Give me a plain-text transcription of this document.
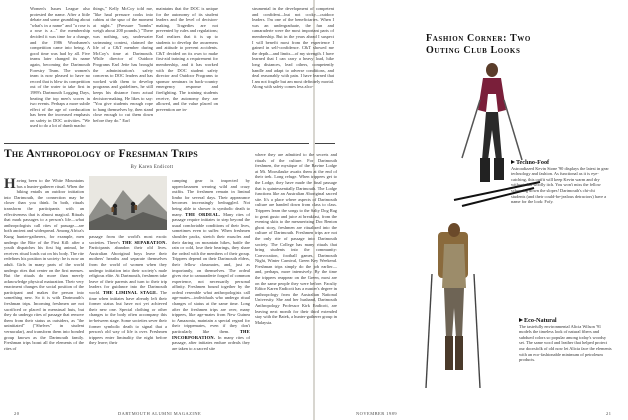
Women's Issues League also protested the name. After a little debate and some grumbling about "what's in a name" and "a rose is a rose is a..." the membership decided it was time for a change, and the 1986 Woodsmen's competition came into being. A good time was had by all. Five teams later changed its name again, becoming the Dartmouth Forestry Team. The women's team is now pleased to have no record that is blew its competition out of the water to take first in 1989's Dartmouth Logging Days, beating the top men's scores in two events. Perhaps a more subtle effect of the age of coeducation has been the increased emphasis on safety in DOC activities. "We used to do a lot of dumb macho
things," Kelly McCoy told me, "like haul pressure cooks into cabins at the spur of the moment at night." (Pressure "bombs" weigh about 200 pounds.) "There was nothing, say, underwater swimming contest, claimed the life of a C&T member during McCoy's time at Dartmouth. While director of Outdoor Programs Earl Jette has brought the administration's safety concerns to DOC leaders and has worked with them to develop programs and guidelines, he still keeps his distance from actual decision-making. He likes to say: "You give students enough rope to hang themselves by, then stand close enough to cut them down before they do." Earl
maintains that the DOC is unique for the autonomy of its student leaders and the level of decision-making. Tragedies are not prevented by rules and regulations; Earl realizes that it is up to students to develop the awareness and attitude to prevent accidents. C&T decided on its own to make first-aid training a requirement for membership, and it has worked with the DOC student safety director and Outdoor Programs to sponsor seminars in back-country emergency response and firefighting. The training students receive, the autonomy they are allowed, and the value placed on prevention are in-
The Anthropology of Freshman Trips
By Karen Endicott
Having been to the White Mountains has a hunter-gatherer ritual. When the hiking entails an outdoor initiation into Dartmouth, the connection may be closer than you think. In both, rituals transform the participants with an effectiveness that is almost magical. Rituals that mark passages to a person's life—what anthropologists call rites of passage—are both ancient and widespread. Among Africa's Kung hunter-gatherers, for example, men undergo the Rite of the First Kill: after a youth dispatches his first big animal, he receives ritual loads cut on his body. The rite redefines his position in society: he is now an adult. Girls in many parts of the world undergo rites that center on the first menses. But the rituals do more than merely acknowledge physical maturation. Their very enactment changes the social position of the participant and makes the person into something new. So it is with Dartmouth's freshman trips. Incoming freshmen are not sacrificed or placed in menstrual huts, but they do undergo rites of passage that remove them from their status as outsiders, as "the uninitiated" ("Shelves" in student vernacular), and transform them into bonded group known as the Dartmouth family. Freshman trips boast all the elements of the rites of
passage from the world's most exotic societies. There's THE SEPARATION. Participants abandon their old lives. Australian Aboriginal boys leave their mothers' hearths and separate themselves from the world of women when they undergo initiation into their society's male religious elite. At Dartmouth, freshmen take leave of their parents and turn to their trip leaders for guidance into the Dartmouth world. THE LIMINAL STAGE. The time when initiates have already left their former status but have not yet achieved their new one. Special clothing or other changes to the body often accompany this in-between stage. Some societies sever their former symbolic death to signal that a person's old way of life is over. Freshmen trippees enter liminality the night before they leave; their
camping gear is inspected by upperclassmen wearing wild and crazy outfits. The freshmen remain in liminal limbo for several days. Their appearance becomes increasingly bedraggled. Not being able to shower is symbolic death to many. THE ORDEAL. Many rites of passage require initiates to step beyond the usual comfortable conditions of their lives, sometimes even to suffer. When freshmen shoulder packs, stretch their muscles and their daring on mountain hikes, battle the rain or cold, lose their bearings, they share the ordeal with the members of their group. Trippees depend on their Dartmouth elders, their fellow classmates, and, just as importantly, on themselves. The ordeal gives rise to camaraderie forged of common experience, not necessarily personal affinity. Freshmen bound together by the ordeal resemble what anthropologists call age-mates—individuals who undergo ritual changes of status at the same time. Long after the freshmen trips are over, many trippees, like age-mates from New Guinea to Amazonia, maintain a special regard for their trippemates, even if they don't particularly like them. THE INCORPORATION. In many rites of passage, after initiates endure ordeals they are taken to a sacred site
20	DARTMOUTH ALUMNI MAGAZINE
strumental in the development of competent and confident—but not cocky—outdoor leaders. I'm one of the beneficiaries. When I was an undergraduate, the fun and camaraderie were the most important parts of membership. But in the years ahead I suspect I will benefit most from the experience I gained in self-confidence. C&T showed me the depth—and limits—of my strength. I have learned that I can carry a heavy load, hike long distances, lead others, competently handle and adapt to adverse conditions, and deal reasonably with pain. I have learned that I am not fragile but am most definitely mortal. Along with safety comes less alco-
where they are admitted to the secrets and rituals of the culture. For Dartmouth freshmen, the mystique of the Ravine Lodge at Mt. Moosilauke awaits them at the end of their trek. Long refuge. When trippees get to the Lodge, they have made the final passage that is quintessentially Dartmouth. The Lodge functions like an Australian Aboriginal sacred site. It's a place where aspects of Dartmouth culture are handed down from class to class. Trippees learn the songs to the Salty Dog Rag to great gusto and juice at breakfast, from the evening skits to the mesmerizing Doc Benton ghost story, freshmen are ritualized into the culture of Dartmouth. Freshmen trips are not the only rite of passage into Dartmouth society. The College has many rituals that bring students into the community: Convocation, football games, Dartmouth Night, Winter Carnival, Green Key Weekend. Freshman trips simply do the job earlier—and, perhaps, more intensively. By the time the trippees reappear on the Green, most are on the same people they were before. Faculty Editor Karen Endicott has a master's degree in anthropology from the Australian National University. She and her husband, Dartmouth Anthropology Professor Kirk Endicott, are leaving next month for their third extended stay with the Batek, a hunter-gatherer group in Malaysia.
Fashion Corner: Two Outing Club Looks
Techno-Foof
Astroadizzed Kevin Stone '90 displays the latest in gear technology and fashion. As functional as it is eye-catching, this outfit will keep Kevin warm and dry without that woolly itch. You won't miss the fellow schussing down the slopes! Dartmouth's chi-chi students (and their could-be-jealous detractors) have a name for the look: Fofy.
Eco-Natural
The tastefully environmental Alicia Wilson '91 models the timeless look of natural fibers and subdued colors so popular among today's woodsy set. The same wool and leather that helped protect our doorsfolk of old now let Alicia face the elements with an eco-fashionable minimum of petroleum products.
NOVEMBER 1989	21
